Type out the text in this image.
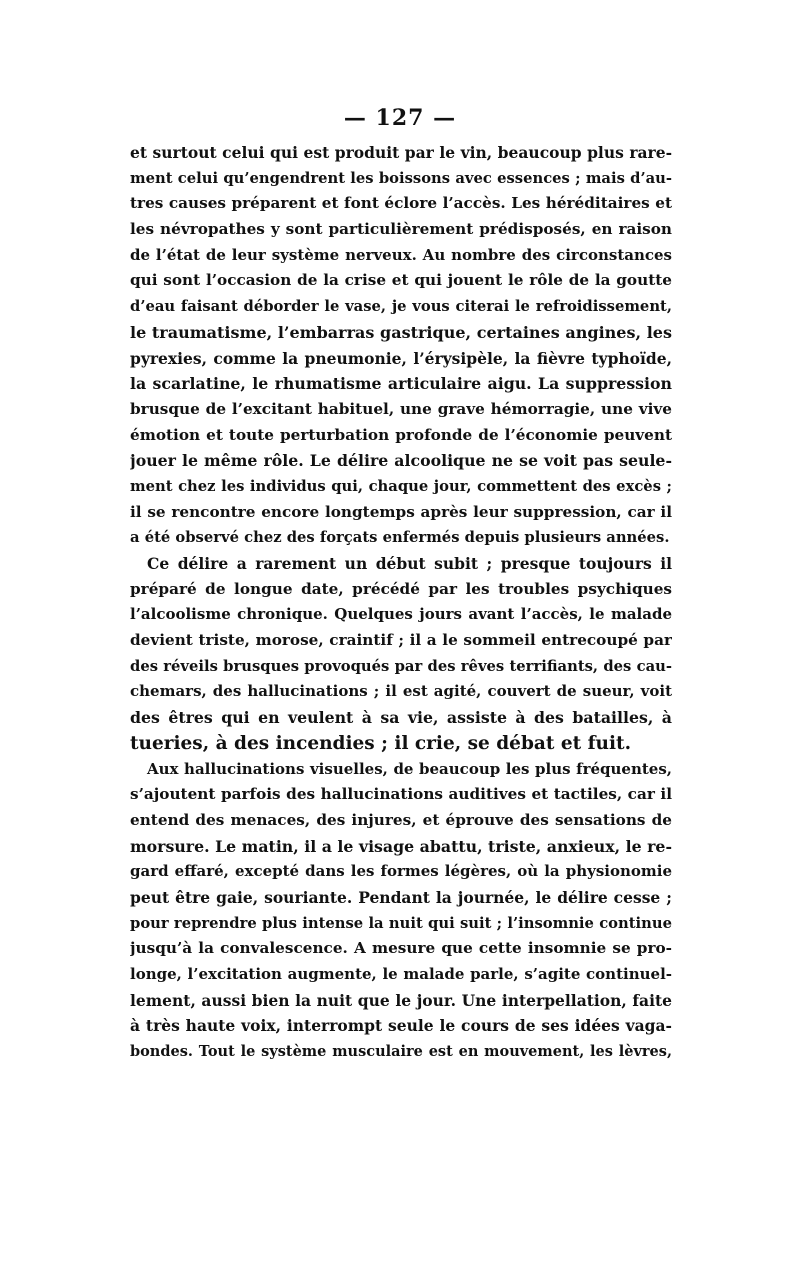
— 127 —
et surtout celui qui est produit par le vin, beaucoup plus rare-
ment celui qu’engendrent les boissons avec essences ; mais d’au-
tres causes préparent et font éclore l’accès. Les héréditaires et
les névropathes y sont particulièrement prédisposés, en raison
de l’état de leur système nerveux. Au nombre des circonstances
qui sont l’occasion de la crise et qui jouent le rôle de la goutte
d’eau faisant déborder le vase, je vous citerai le refroidissement,
le traumatisme, l’embarras gastrique, certaines angines, les
pyrexies, comme la pneumonie, l’érysipèle, la fièvre typhoïde,
la scarlatine, le rhumatisme articulaire aigu. La suppression
brusque de l’excitant habituel, une grave hémorragie, une vive
émotion et toute perturbation profonde de l’économie peuvent
jouer le même rôle. Le délire alcoolique ne se voit pas seule-
ment chez les individus qui, chaque jour, commettent des excès ;
il se rencontre encore longtemps après leur suppression, car il
a été observé chez des forçats enfermés depuis plusieurs années.
Ce délire a rarement un début subit ; presque toujours il
préparé de longue date, précédé par les troubles psychiques
l’alcoolisme chronique. Quelques jours avant l’accès, le malade
devient triste, morose, craintif ; il a le sommeil entrecoupé par
des réveils brusques provoqués par des rêves terrifiants, des cau-
chemars, des hallucinations ; il est agité, couvert de sueur, voit
des êtres qui en veulent à sa vie, assiste à des batailles, à
tueries, à des incendies ; il crie, se débat et fuit.
Aux hallucinations visuelles, de beaucoup les plus fréquentes,
s’ajoutent parfois des hallucinations auditives et tactiles, car il
entend des menaces, des injures, et éprouve des sensations de
morsure. Le matin, il a le visage abattu, triste, anxieux, le re-
gard effaré, excepté dans les formes légères, où la physionomie
peut être gaie, souriante. Pendant la journée, le délire cesse ;
pour reprendre plus intense la nuit qui suit ; l’insomnie continue
jusqu’à la convalescence. A mesure que cette insomnie se pro-
longe, l’excitation augmente, le malade parle, s’agite continuel-
lement, aussi bien la nuit que le jour. Une interpellation, faite
à très haute voix, interrompt seule le cours de ses idées vaga-
bondes. Tout le système musculaire est en mouvement, les lèvres,
